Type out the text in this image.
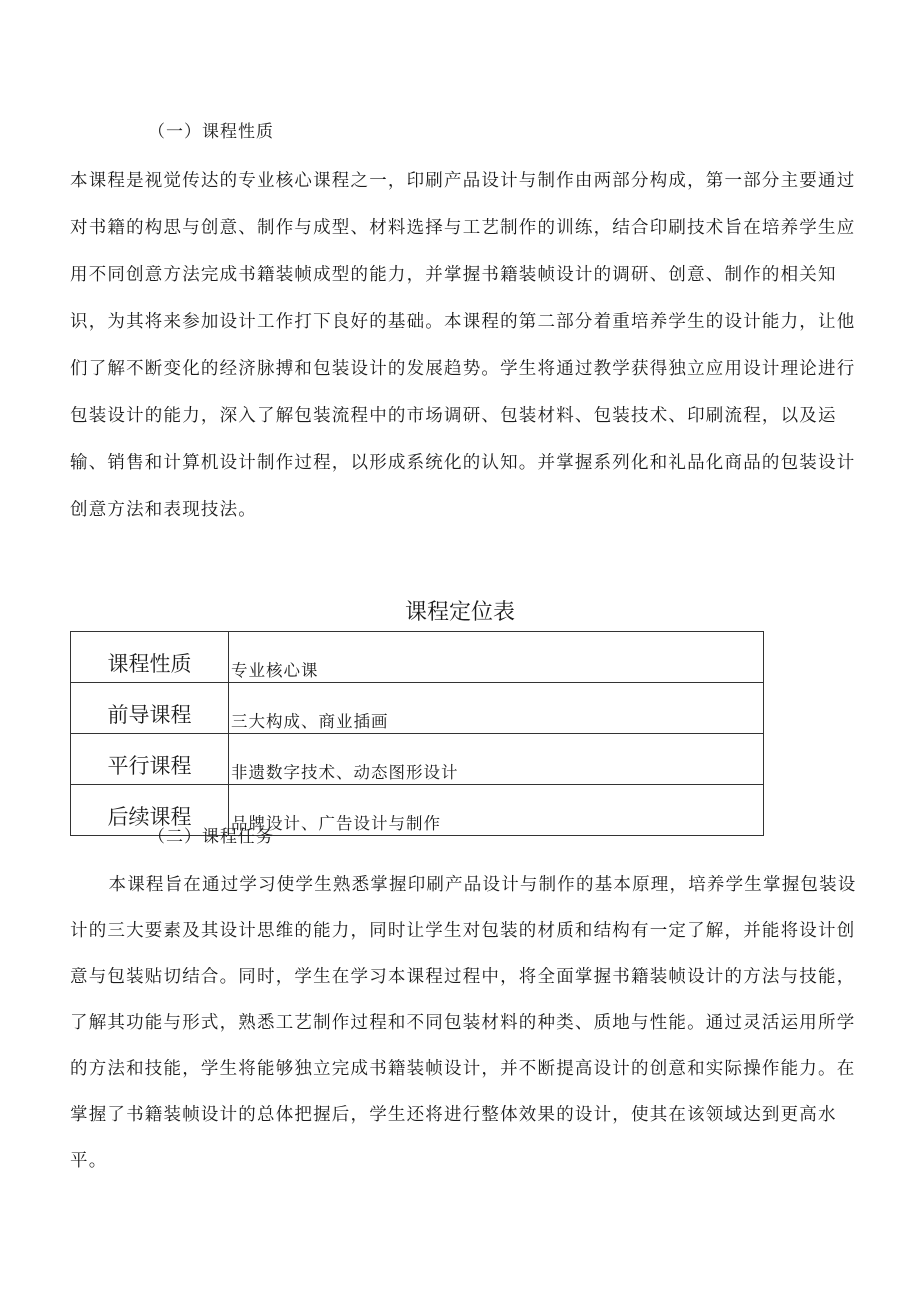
（一）课程性质
本课程是视觉传达的专业核心课程之一，印刷产品设计与制作由两部分构成，第一部分主要通过对书籍的构思与创意、制作与成型、材料选择与工艺制作的训练，结合印刷技术旨在培养学生应用不同创意方法完成书籍装帧成型的能力，并掌握书籍装帧设计的调研、创意、制作的相关知识，为其将来参加设计工作打下良好的基础。本课程的第二部分着重培养学生的设计能力，让他们了解不断变化的经济脉搏和包装设计的发展趋势。学生将通过教学获得独立应用设计理论进行包装设计的能力，深入了解包装流程中的市场调研、包装材料、包装技术、印刷流程，以及运输、销售和计算机设计制作过程，以形成系统化的认知。并掌握系列化和礼品化商品的包装设计创意方法和表现技法。
课程定位表
课程性质	专业核心课
前导课程	三大构成、商业插画
平行课程	非遗数字技术、动态图形设计
后续课程	品牌设计、广告设计与制作
（二）课程任务
本课程旨在通过学习使学生熟悉掌握印刷产品设计与制作的基本原理，培养学生掌握包装设计的三大要素及其设计思维的能力，同时让学生对包装的材质和结构有一定了解，并能将设计创意与包装贴切结合。同时，学生在学习本课程过程中，将全面掌握书籍装帧设计的方法与技能，了解其功能与形式，熟悉工艺制作过程和不同包装材料的种类、质地与性能。通过灵活运用所学的方法和技能，学生将能够独立完成书籍装帧设计，并不断提高设计的创意和实际操作能力。在掌握了书籍装帧设计的总体把握后，学生还将进行整体效果的设计，使其在该领域达到更高水平。
